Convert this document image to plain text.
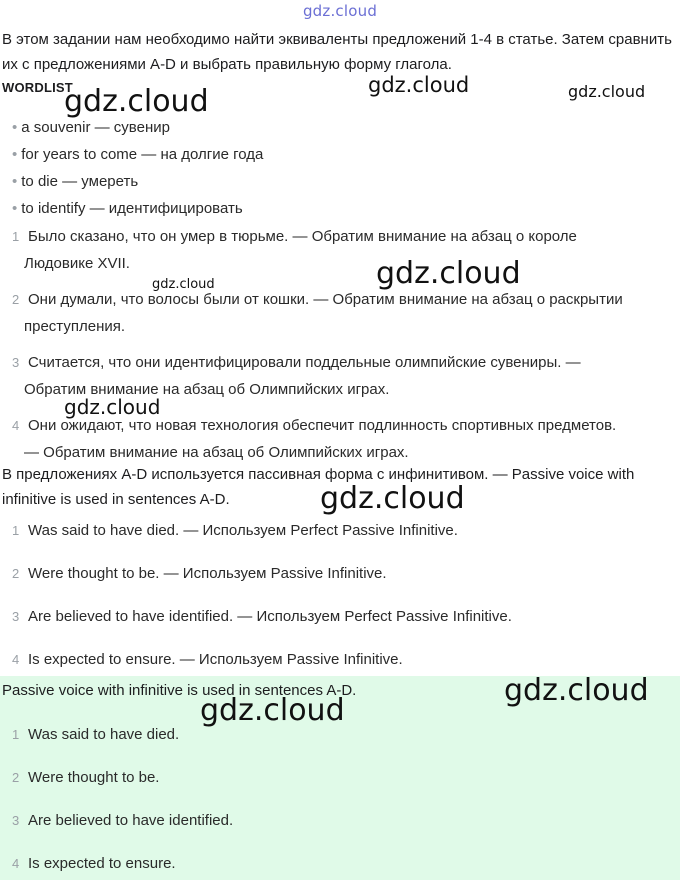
gdz.cloud
В этом задании нам необходимо найти эквиваленты предложений 1-4 в статье. Затем сравнить их с предложениями A-D и выбрать правильную форму глагола.
WORDLIST
• a souvenir — сувенир
• for years to come — на долгие года
• to die — умереть
• to identify — идентифицировать
1 Было сказано, что он умер в тюрьме. — Обратим внимание на абзац о короле
Людовике XVII.
2 Они думали, что волосы были от кошки. — Обратим внимание на абзац о раскрытии
преступления.
3 Считается, что они идентифицировали поддельные олимпийские сувениры. —
Обратим внимание на абзац об Олимпийских играх.
4 Они ожидают, что новая технология обеспечит подлинность спортивных предметов.
— Обратим внимание на абзац об Олимпийских играх.
В предложениях A-D используется пассивная форма с инфинитивом. — Passive voice with infinitive is used in sentences A-D.
1 Was said to have died. — Используем Perfect Passive Infinitive.
2 Were thought to be. — Используем Passive Infinitive.
3 Are believed to have identified. — Используем Perfect Passive Infinitive.
4 Is expected to ensure. — Используем Passive Infinitive.
Passive voice with infinitive is used in sentences A-D.
1 Was said to have died.
2 Were thought to be.
3 Are believed to have identified.
4 Is expected to ensure.
gdz.cloud	gdz.cloud	gdz.cloud
gdz.cloud	gdz.cloud
gdz.cloud
gdz.cloud
gdz.cloud
gdz.cloud
